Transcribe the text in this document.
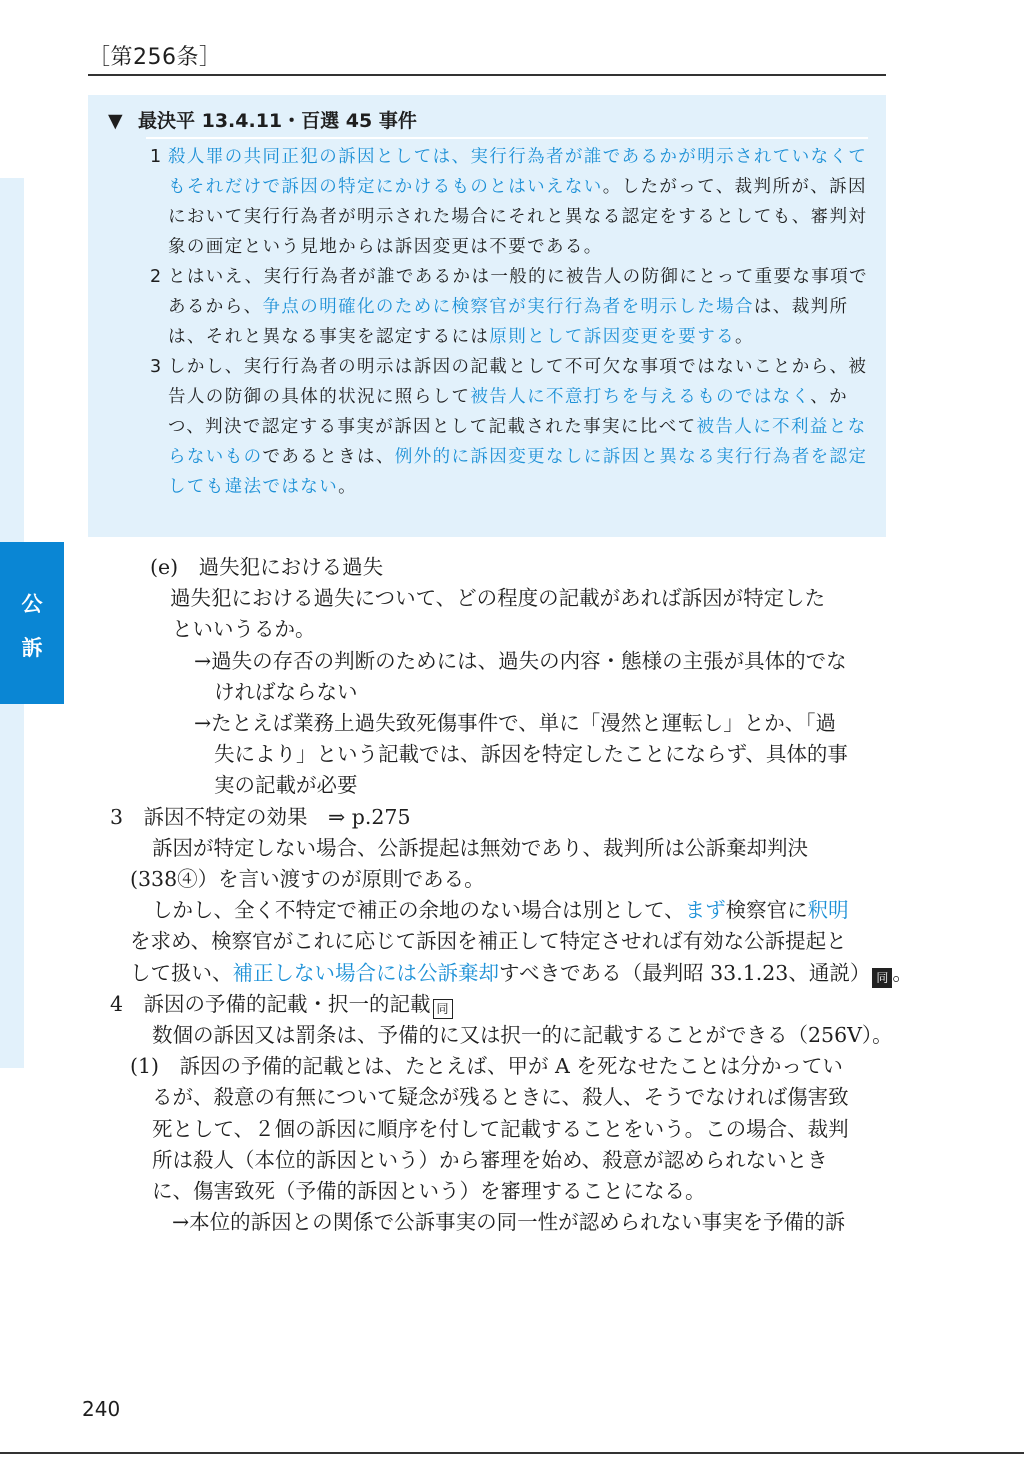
［第256条］
公
訴
▼ 最決平 13.4.11・百選 45 事件
1 殺人罪の共同正犯の訴因としては、実行行為者が誰であるかが明示されていなくてもそれだけで訴因の特定にかけるものとはいえない。したがって、裁判所が、訴因において実行行為者が明示された場合にそれと異なる認定をするとしても、審判対象の画定という見地からは訴因変更は不要である。
2 とはいえ、実行行為者が誰であるかは一般的に被告人の防御にとって重要な事項であるから、争点の明確化のために検察官が実行行為者を明示した場合は、裁判所は、それと異なる事実を認定するには原則として訴因変更を要する。
3 しかし、実行行為者の明示は訴因の記載として不可欠な事項ではないことから、被告人の防御の具体的状況に照らして被告人に不意打ちを与えるものではなく、かつ、判決で認定する事実が訴因として記載された事実に比べて被告人に不利益とならないものであるときは、例外的に訴因変更なしに訴因と異なる実行行為者を認定しても違法ではない。
(e)　過失犯における過失
過失犯における過失について、どの程度の記載があれば訴因が特定した
といいうるか。
→過失の存否の判断のためには、過失の内容・態様の主張が具体的でな
ければならない
→たとえば業務上過失致死傷事件で、単に「漫然と運転し」とか、「過
失により」という記載では、訴因を特定したことにならず、具体的事
実の記載が必要
3　訴因不特定の効果　⇒ p.275
訴因が特定しない場合、公訴提起は無効であり、裁判所は公訴棄却判決
(338④）を言い渡すのが原則である。
しかし、全く不特定で補正の余地のない場合は別として、まず検察官に釈明
を求め、検察官がこれに応じて訴因を補正して特定させれば有効な公訴提起と
して扱い、補正しない場合には公訴棄却すべきである（最判昭 33.1.23、通説） 同 。
4　訴因の予備的記載・択一的記載 同
数個の訴因又は罰条は、予備的に又は択一的に記載することができる（256Ⅴ）。
(1)　訴因の予備的記載とは、たとえば、甲が A を死なせたことは分かってい
るが、殺意の有無について疑念が残るときに、殺人、そうでなければ傷害致
死として、２個の訴因に順序を付して記載することをいう。この場合、裁判
所は殺人（本位的訴因という）から審理を始め、殺意が認められないとき
に、傷害致死（予備的訴因という）を審理することになる。
→本位的訴因との関係で公訴事実の同一性が認められない事実を予備的訴
240
